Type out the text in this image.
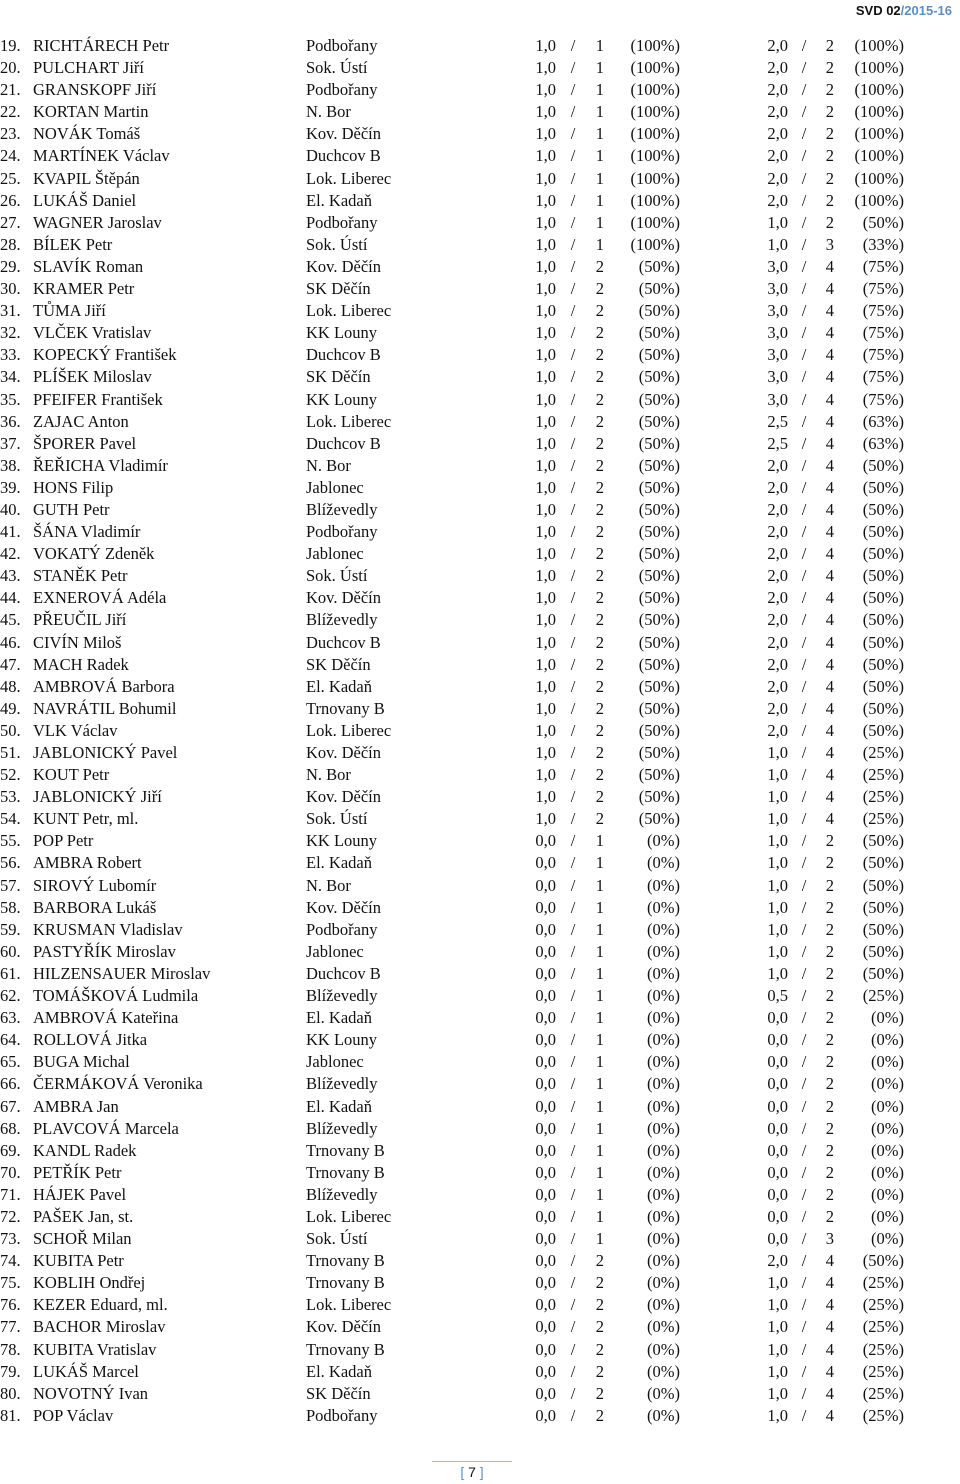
SVD 02/2015-16
19.	RICHTÁRECH Petr	Podbořany	1,0	/	1	(100%)		2,0	/	2	(100%)
20.	PULCHART Jiří	Sok. Ústí	1,0	/	1	(100%)		2,0	/	2	(100%)
21.	GRANSKOPF Jiří	Podbořany	1,0	/	1	(100%)		2,0	/	2	(100%)
22.	KORTAN Martin	N. Bor	1,0	/	1	(100%)		2,0	/	2	(100%)
23.	NOVÁK Tomáš	Kov. Děčín	1,0	/	1	(100%)		2,0	/	2	(100%)
24.	MARTÍNEK Václav	Duchcov B	1,0	/	1	(100%)		2,0	/	2	(100%)
25.	KVAPIL Štěpán	Lok. Liberec	1,0	/	1	(100%)		2,0	/	2	(100%)
26.	LUKÁŠ Daniel	El. Kadaň	1,0	/	1	(100%)		2,0	/	2	(100%)
27.	WAGNER Jaroslav	Podbořany	1,0	/	1	(100%)		1,0	/	2	(50%)
28.	BÍLEK Petr	Sok. Ústí	1,0	/	1	(100%)		1,0	/	3	(33%)
29.	SLAVÍK Roman	Kov. Děčín	1,0	/	2	(50%)		3,0	/	4	(75%)
30.	KRAMER Petr	SK Děčín	1,0	/	2	(50%)		3,0	/	4	(75%)
31.	TŮMA Jiří	Lok. Liberec	1,0	/	2	(50%)		3,0	/	4	(75%)
32.	VLČEK Vratislav	KK Louny	1,0	/	2	(50%)		3,0	/	4	(75%)
33.	KOPECKÝ František	Duchcov B	1,0	/	2	(50%)		3,0	/	4	(75%)
34.	PLÍŠEK Miloslav	SK Děčín	1,0	/	2	(50%)		3,0	/	4	(75%)
35.	PFEIFER František	KK Louny	1,0	/	2	(50%)		3,0	/	4	(75%)
36.	ZAJAC Anton	Lok. Liberec	1,0	/	2	(50%)		2,5	/	4	(63%)
37.	ŠPORER Pavel	Duchcov B	1,0	/	2	(50%)		2,5	/	4	(63%)
38.	ŘEŘICHA Vladimír	N. Bor	1,0	/	2	(50%)		2,0	/	4	(50%)
39.	HONS Filip	Jablonec	1,0	/	2	(50%)		2,0	/	4	(50%)
40.	GUTH Petr	Blíževedly	1,0	/	2	(50%)		2,0	/	4	(50%)
41.	ŠÁNA Vladimír	Podbořany	1,0	/	2	(50%)		2,0	/	4	(50%)
42.	VOKATÝ Zdeněk	Jablonec	1,0	/	2	(50%)		2,0	/	4	(50%)
43.	STANĚK Petr	Sok. Ústí	1,0	/	2	(50%)		2,0	/	4	(50%)
44.	EXNEROVÁ Adéla	Kov. Děčín	1,0	/	2	(50%)		2,0	/	4	(50%)
45.	PŘEUČIL Jiří	Blíževedly	1,0	/	2	(50%)		2,0	/	4	(50%)
46.	CIVÍN Miloš	Duchcov B	1,0	/	2	(50%)		2,0	/	4	(50%)
47.	MACH Radek	SK Děčín	1,0	/	2	(50%)		2,0	/	4	(50%)
48.	AMBROVÁ Barbora	El. Kadaň	1,0	/	2	(50%)		2,0	/	4	(50%)
49.	NAVRÁTIL Bohumil	Trnovany B	1,0	/	2	(50%)		2,0	/	4	(50%)
50.	VLK Václav	Lok. Liberec	1,0	/	2	(50%)		2,0	/	4	(50%)
51.	JABLONICKÝ Pavel	Kov. Děčín	1,0	/	2	(50%)		1,0	/	4	(25%)
52.	KOUT Petr	N. Bor	1,0	/	2	(50%)		1,0	/	4	(25%)
53.	JABLONICKÝ Jiří	Kov. Děčín	1,0	/	2	(50%)		1,0	/	4	(25%)
54.	KUNT Petr, ml.	Sok. Ústí	1,0	/	2	(50%)		1,0	/	4	(25%)
55.	POP Petr	KK Louny	0,0	/	1	(0%)		1,0	/	2	(50%)
56.	AMBRA Robert	El. Kadaň	0,0	/	1	(0%)		1,0	/	2	(50%)
57.	SIROVÝ Lubomír	N. Bor	0,0	/	1	(0%)		1,0	/	2	(50%)
58.	BARBORA Lukáš	Kov. Děčín	0,0	/	1	(0%)		1,0	/	2	(50%)
59.	KRUSMAN Vladislav	Podbořany	0,0	/	1	(0%)		1,0	/	2	(50%)
60.	PASTYŘÍK Miroslav	Jablonec	0,0	/	1	(0%)		1,0	/	2	(50%)
61.	HILZENSAUER Miroslav	Duchcov B	0,0	/	1	(0%)		1,0	/	2	(50%)
62.	TOMÁŠKOVÁ Ludmila	Blíževedly	0,0	/	1	(0%)		0,5	/	2	(25%)
63.	AMBROVÁ Kateřina	El. Kadaň	0,0	/	1	(0%)		0,0	/	2	(0%)
64.	ROLLOVÁ Jitka	KK Louny	0,0	/	1	(0%)		0,0	/	2	(0%)
65.	BUGA Michal	Jablonec	0,0	/	1	(0%)		0,0	/	2	(0%)
66.	ČERMÁKOVÁ Veronika	Blíževedly	0,0	/	1	(0%)		0,0	/	2	(0%)
67.	AMBRA Jan	El. Kadaň	0,0	/	1	(0%)		0,0	/	2	(0%)
68.	PLAVCOVÁ Marcela	Blíževedly	0,0	/	1	(0%)		0,0	/	2	(0%)
69.	KANDL Radek	Trnovany B	0,0	/	1	(0%)		0,0	/	2	(0%)
70.	PETŘÍK Petr	Trnovany B	0,0	/	1	(0%)		0,0	/	2	(0%)
71.	HÁJEK Pavel	Blíževedly	0,0	/	1	(0%)		0,0	/	2	(0%)
72.	PAŠEK Jan, st.	Lok. Liberec	0,0	/	1	(0%)		0,0	/	2	(0%)
73.	SCHOŘ Milan	Sok. Ústí	0,0	/	1	(0%)		0,0	/	3	(0%)
74.	KUBITA Petr	Trnovany B	0,0	/	2	(0%)		2,0	/	4	(50%)
75.	KOBLIH Ondřej	Trnovany B	0,0	/	2	(0%)		1,0	/	4	(25%)
76.	KEZER Eduard, ml.	Lok. Liberec	0,0	/	2	(0%)		1,0	/	4	(25%)
77.	BACHOR Miroslav	Kov. Děčín	0,0	/	2	(0%)		1,0	/	4	(25%)
78.	KUBITA Vratislav	Trnovany B	0,0	/	2	(0%)		1,0	/	4	(25%)
79.	LUKÁŠ Marcel	El. Kadaň	0,0	/	2	(0%)		1,0	/	4	(25%)
80.	NOVOTNÝ Ivan	SK Děčín	0,0	/	2	(0%)		1,0	/	4	(25%)
81.	POP Václav	Podbořany	0,0	/	2	(0%)		1,0	/	4	(25%)
[ 7 ]
